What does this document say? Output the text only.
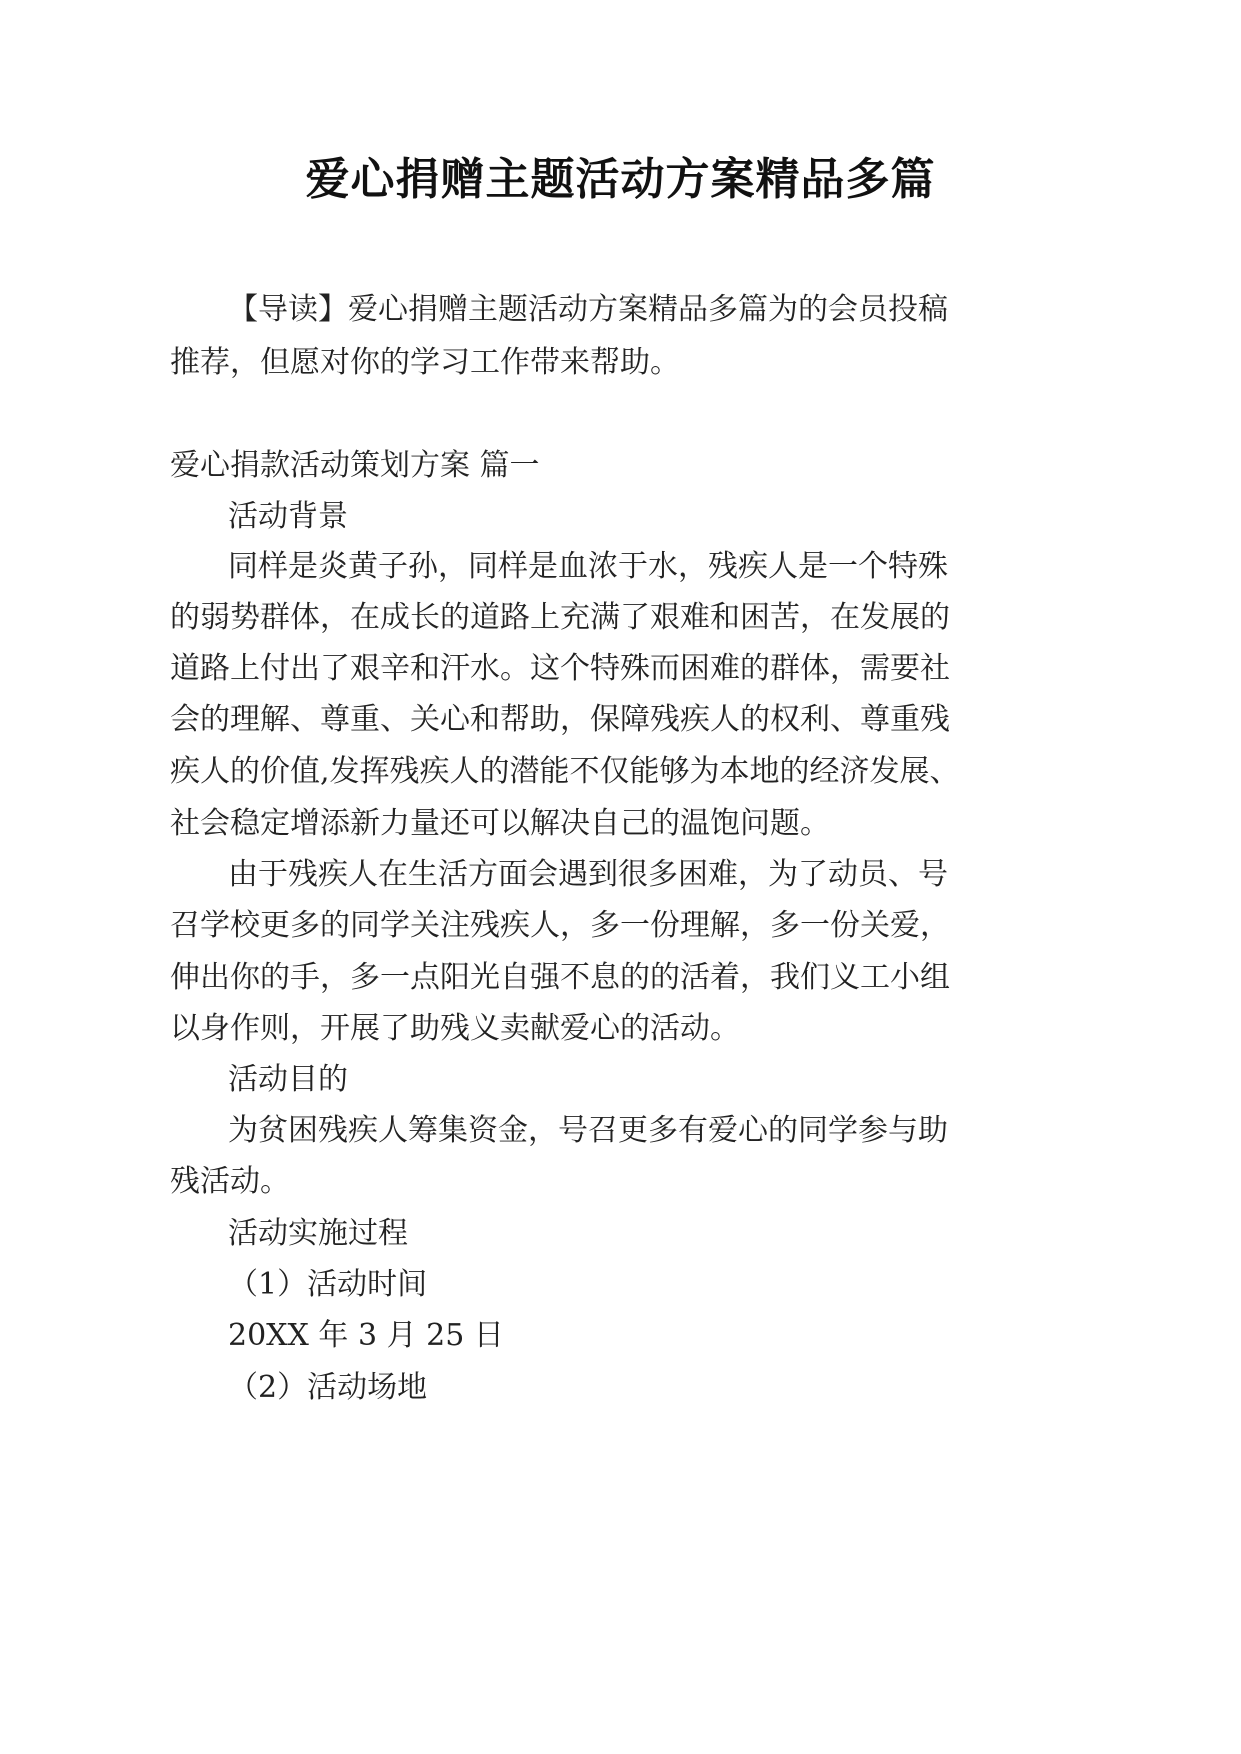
爱心捐赠主题活动方案精品多篇
【导读】爱心捐赠主题活动方案精品多篇为的会员投稿
推荐，但愿对你的学习工作带来帮助。
爱心捐款活动策划方案 篇一
活动背景
同样是炎黄子孙，同样是血浓于水，残疾人是一个特殊
的弱势群体，在成长的道路上充满了艰难和困苦，在发展的
道路上付出了艰辛和汗水。这个特殊而困难的群体，需要社
会的理解、尊重、关心和帮助，保障残疾人的权利、尊重残
疾人的价值,发挥残疾人的潜能不仅能够为本地的经济发展、
社会稳定增添新力量还可以解决自己的温饱问题。
由于残疾人在生活方面会遇到很多困难，为了动员、号
召学校更多的同学关注残疾人，多一份理解，多一份关爱，
伸出你的手，多一点阳光自强不息的的活着，我们义工小组
以身作则，开展了助残义卖献爱心的活动。
活动目的
为贫困残疾人筹集资金，号召更多有爱心的同学参与助
残活动。
活动实施过程
（1）活动时间
20XX 年 3 月 25 日
（2）活动场地
